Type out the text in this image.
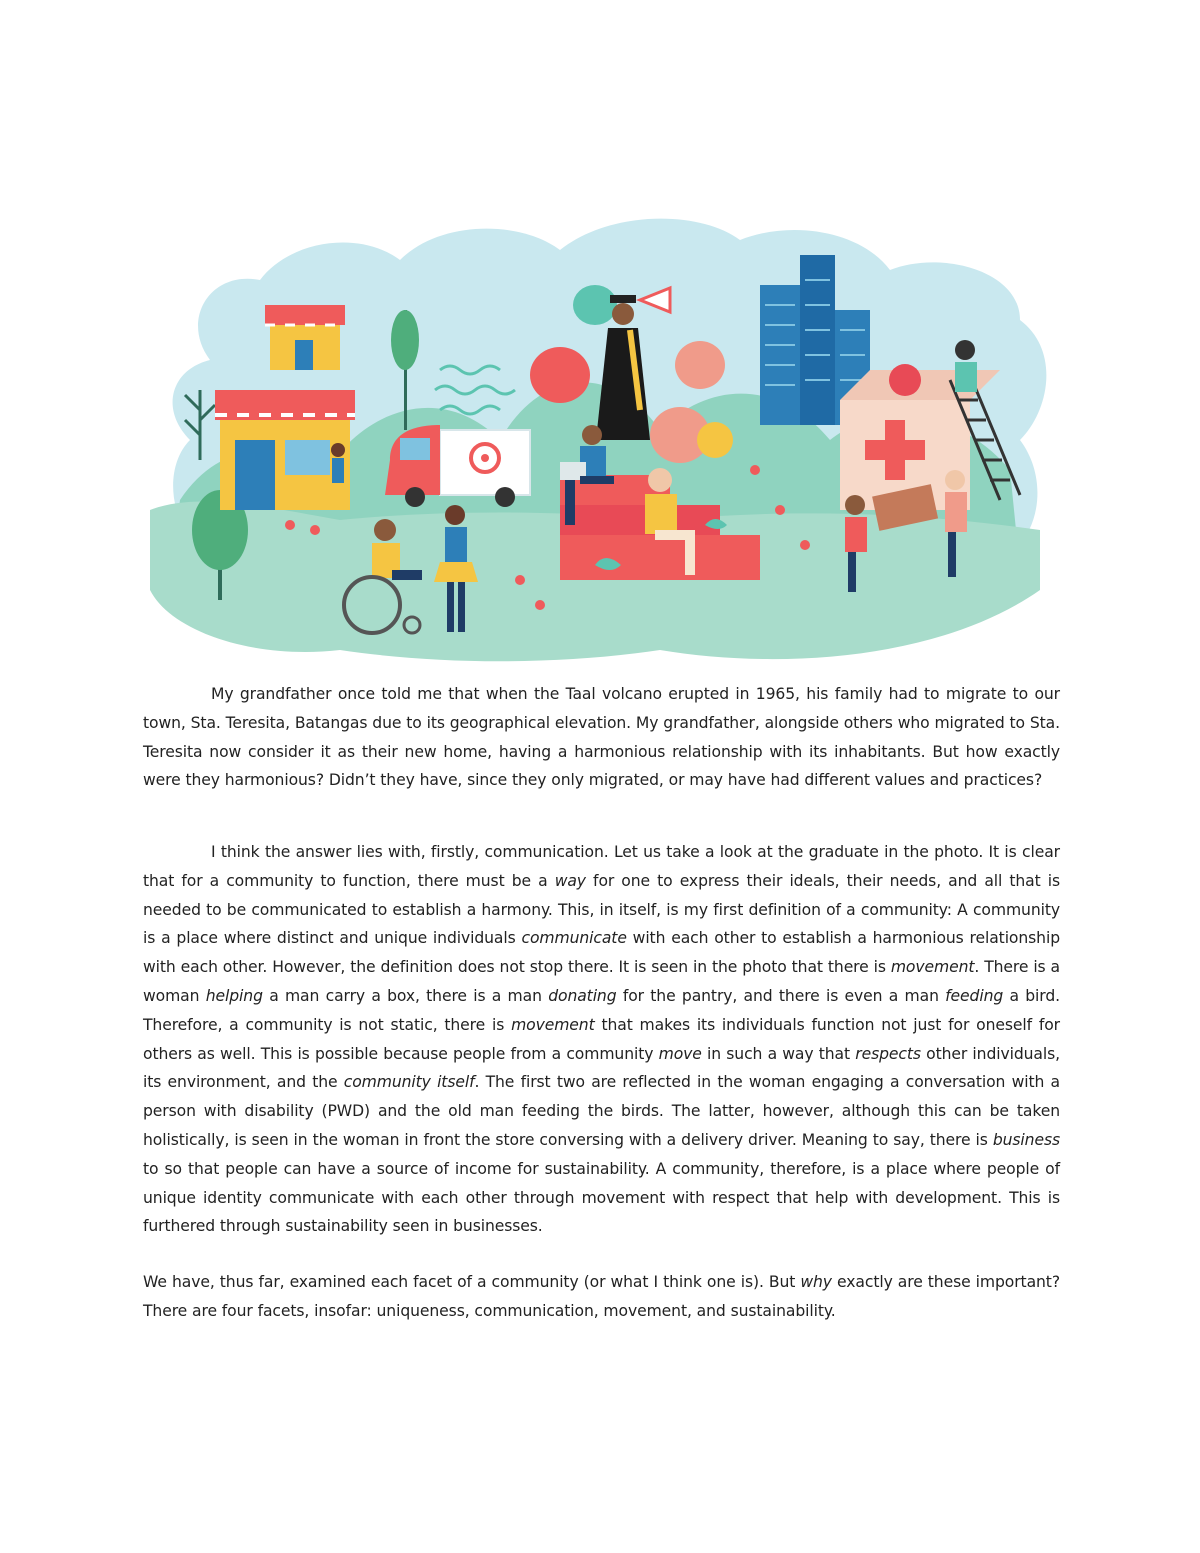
My grandfather once told me that when the Taal volcano erupted in 1965, his family had to migrate to our town, Sta. Teresita, Batangas due to its geographical elevation. My grandfather, alongside others who migrated to Sta. Teresita now consider it as their new home, having a harmonious relationship with its inhabitants. But how exactly were they harmonious? Didn’t they have, since they only migrated, or may have had different values and practices?

I think the answer lies with, firstly, communication. Let us take a look at the graduate in the photo. It is clear that for a community to function, there must be a way for one to express their ideals, their needs, and all that is needed to be communicated to establish a harmony. This, in itself, is my first definition of a community: A community is a place where distinct and unique individuals communicate with each other to establish a harmonious relationship with each other. However, the definition does not stop there. It is seen in the photo that there is movement. There is a woman helping a man carry a box, there is a man donating for the pantry, and there is even a man feeding a bird. Therefore, a community is not static, there is movement that makes its individuals function not just for oneself for others as well. This is possible because people from a community move in such a way that respects other individuals, its environment, and the community itself. The first two are reflected in the woman engaging a conversation with a person with disability (PWD) and the old man feeding the birds. The latter, however, although this can be taken holistically, is seen in the woman in front the store conversing with a delivery driver. Meaning to say, there is business to so that people can have a source of income for sustainability. A community, therefore, is a place where people of unique identity communicate with each other through movement with respect that help with development. This is furthered through sustainability seen in businesses.

We have, thus far, examined each facet of a community (or what I think one is). But why exactly are these important? There are four facets, insofar: uniqueness, communication, movement, and sustainability.
